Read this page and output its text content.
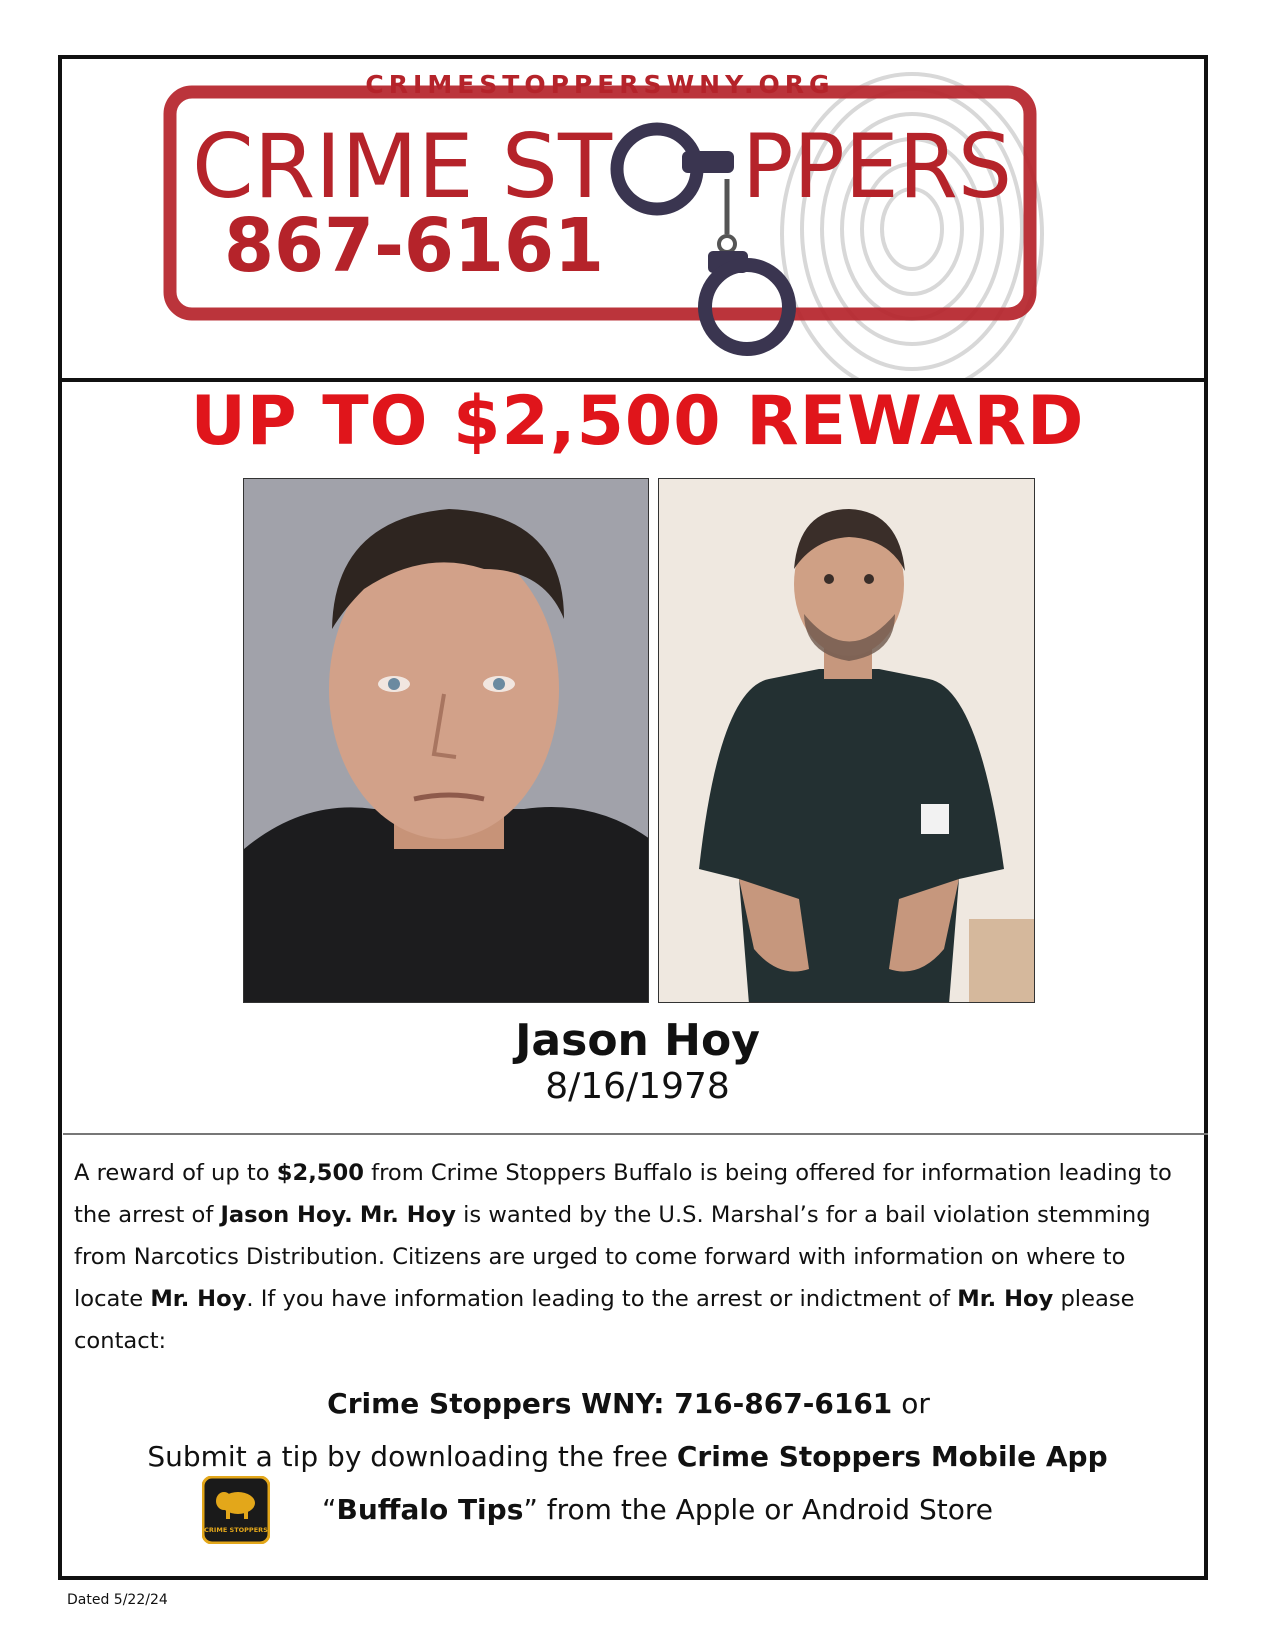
CRIMESTOPPERSWNY.ORG
CRIME ST PPERS
867-6161
UP TO $2,500 REWARD
Jason Hoy
8/16/1978
A reward of up to $2,500 from Crime Stoppers Buffalo is being offered for information leading to the arrest of Jason Hoy. Mr. Hoy is wanted by the U.S. Marshal’s for a bail violation stemming from Narcotics Distribution. Citizens are urged to come forward with information on where to locate Mr. Hoy. If you have information leading to the arrest or indictment of Mr. Hoy please contact:
Crime Stoppers WNY: 716-867-6161 or
Submit a tip by downloading the free Crime Stoppers Mobile App
“Buffalo Tips” from the Apple or Android Store
CRIME STOPPERS
Dated 5/22/24
